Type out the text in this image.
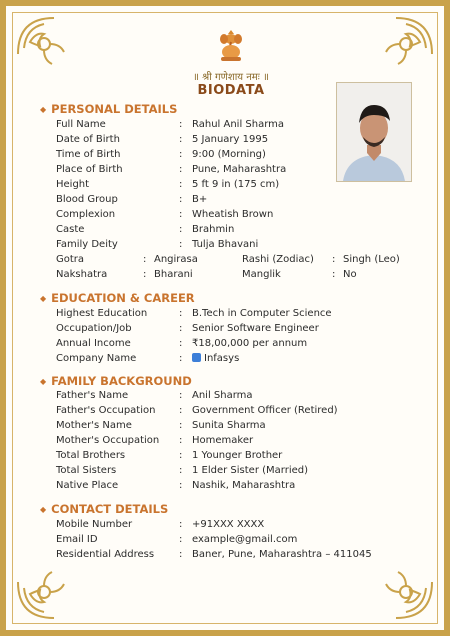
॥ श्री गणेशाय नमः ॥
BIODATA
◆ PERSONAL DETAILS
Full Name	: Rahul Anil Sharma
Date of Birth	: 5 January 1995
Time of Birth	: 9:00 (Morning)
Place of Birth	: Pune, Maharashtra
Height	: 5 ft 9 in (175 cm)
Blood Group	: B+
Complexion	: Wheatish Brown
Caste	: Brahmin
Family Deity	: Tulja Bhavani
Gotra	: Angirasa	Rashi (Zodiac) : Singh (Leo)
Nakshatra	: Bharani	Manglik	: No
◆ EDUCATION & CAREER
Highest Education	: B.Tech in Computer Science
Occupation/Job	: Senior Software Engineer
Annual Income	: ₹18,00,000 per annum
Company Name	:	Infasys
◆ FAMILY BACKGROUND
Father's Name	: Anil Sharma
Father's Occupation : Government Officer (Retired)
Mother's Name	: Sunita Sharma
Mother's Occupation : Homemaker
Total Brothers	: 1 Younger Brother
Total Sisters	: 1 Elder Sister (Married)
Native Place	: Nashik, Maharashtra
◆ CONTACT DETAILS
Mobile Number	: +91XXX XXXX
Email ID	: example@gmail.com
Residential Address : Baner, Pune, Maharashtra – 411045
